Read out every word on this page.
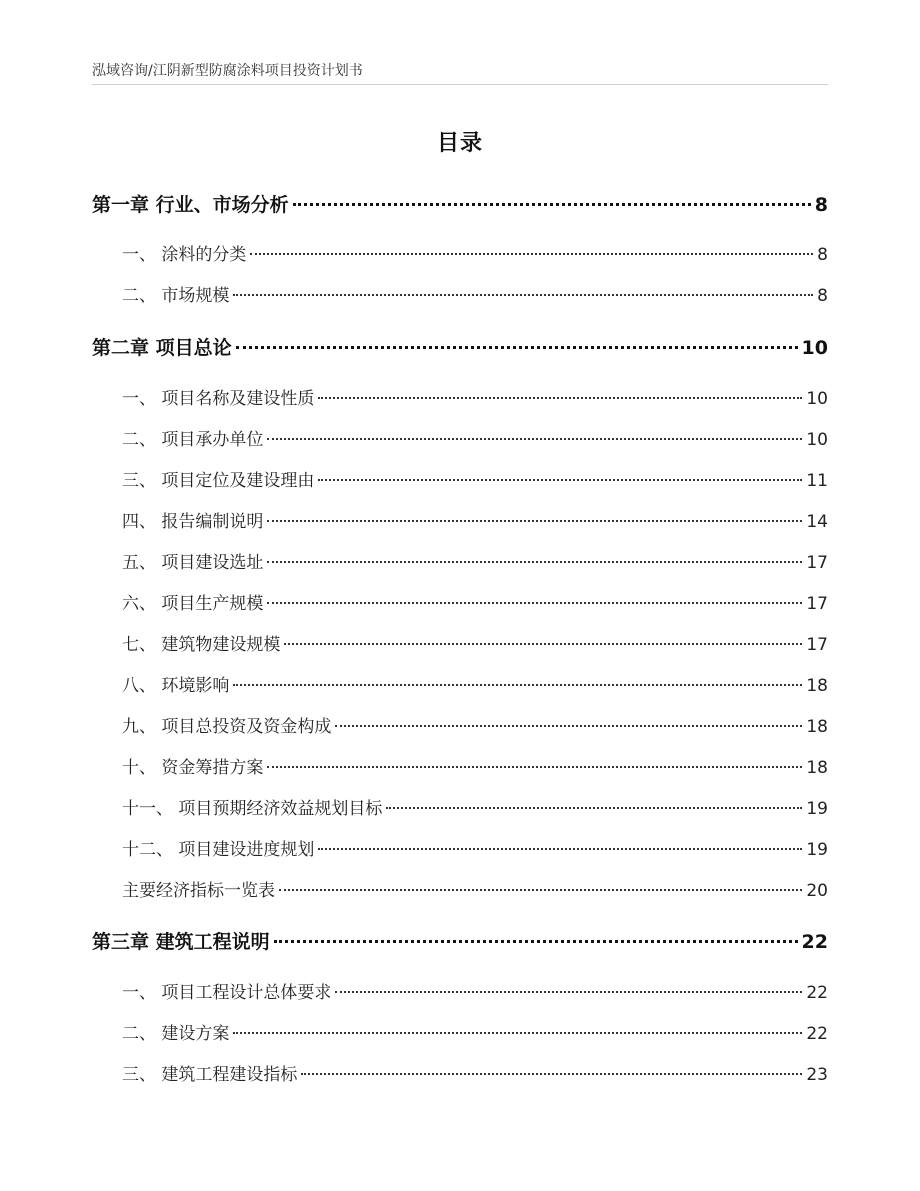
泓域咨询/江阴新型防腐涂料项目投资计划书
目录
第一章 行业、市场分析	8
一、 涂料的分类	8
二、 市场规模	8
第二章 项目总论	10
一、 项目名称及建设性质	10
二、 项目承办单位	10
三、 项目定位及建设理由	11
四、 报告编制说明	14
五、 项目建设选址	17
六、 项目生产规模	17
七、 建筑物建设规模	17
八、 环境影响	18
九、 项目总投资及资金构成	18
十、 资金筹措方案	18
十一、 项目预期经济效益规划目标	19
十二、 项目建设进度规划	19
主要经济指标一览表	20
第三章 建筑工程说明	22
一、 项目工程设计总体要求	22
二、 建设方案	22
三、 建筑工程建设指标	23
